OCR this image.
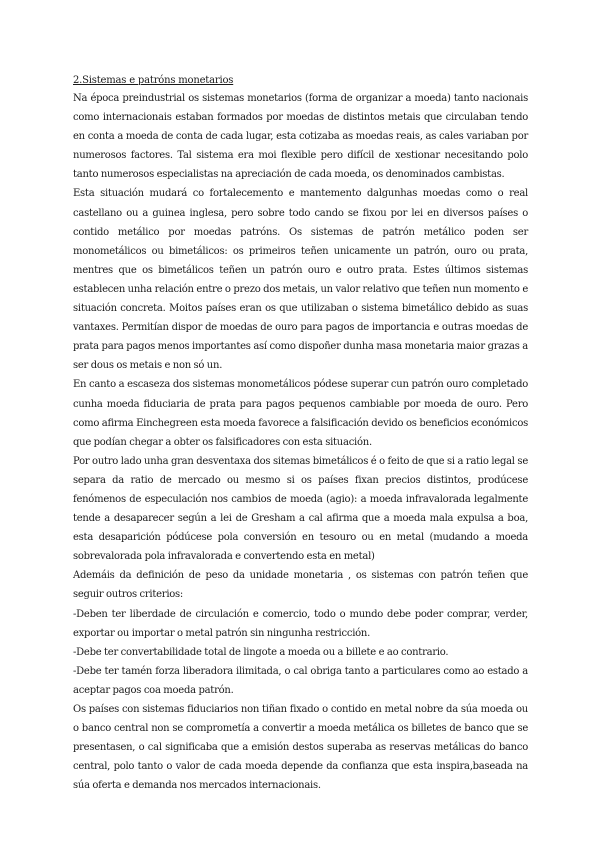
2.Sistemas e patróns monetarios

Na época preindustrial os sistemas monetarios (forma de organizar a moeda) tanto nacionais como internacionais estaban formados por moedas de distintos metais que circulaban tendo en conta a moeda de conta de cada lugar, esta cotizaba as moedas reais, as cales variaban por numerosos factores. Tal sistema era moi flexible pero difícil de xestionar necesitando polo tanto numerosos especialistas na apreciación de cada moeda, os denominados cambistas.

Esta situación mudará co fortalecemento e mantemento dalgunhas moedas como o real castellano ou a guinea inglesa, pero sobre todo cando se fixou por lei en diversos países o contido metálico por moedas patróns. Os sistemas de patrón metálico poden ser monometálicos ou bimetálicos: os primeiros teñen unicamente un patrón, ouro ou prata, mentres que os bimetálicos teñen un patrón ouro e outro prata. Estes últimos sistemas establecen unha relación entre o prezo dos metais, un valor relativo que teñen nun momento e situación concreta. Moitos países eran os que utilizaban o sistema bimetálico debido as suas vantaxes. Permitían dispor de moedas de ouro para pagos de importancia e outras moedas de prata para pagos menos importantes así como dispoñer dunha masa monetaria maior grazas a ser dous os metais e non só un.

En canto a escaseza dos sistemas monometálicos pódese superar cun patrón ouro completado cunha moeda fiduciaria de prata para pagos pequenos cambiable por moeda de ouro. Pero como afirma Einchegreen esta moeda favorece a falsificación devido os beneficios económicos que podían chegar a obter os falsificadores con esta situación.

Por outro lado unha gran desventaxa dos sitemas bimetálicos é o feito de que si a ratio legal se separa da ratio de mercado ou mesmo si os países fixan precios distintos, prodúcese fenómenos de especulación nos cambios de moeda (agio): a moeda infravalorada legalmente tende a desaparecer según a lei de Gresham a cal afirma que a moeda mala expulsa a boa, esta desaparición pódúcese pola conversión en tesouro ou en metal (mudando a moeda sobrevalorada pola infravalorada e convertendo esta en metal)

Ademáis da definición de peso da unidade monetaria , os sistemas con patrón teñen que seguir outros criterios:

-Deben ter liberdade de circulación e comercio, todo o mundo debe poder comprar, verder, exportar ou importar o metal patrón sin ningunha restricción.

-Debe ter convertabilidade total de lingote a moeda ou a billete e ao contrario.

-Debe ter tamén forza liberadora ilimitada, o cal obriga tanto a particulares como ao estado a aceptar pagos coa moeda patrón.

Os países con sistemas fiduciarios non tiñan fixado o contido en metal nobre da súa moeda ou o banco central non se comprometía a convertir a moeda metálica os billetes de banco que se presentasen, o cal significaba que a emisión destos superaba as reservas metálicas do banco central, polo tanto o valor de cada moeda depende da confianza que esta inspira,baseada na súa oferta e demanda nos mercados internacionais.
